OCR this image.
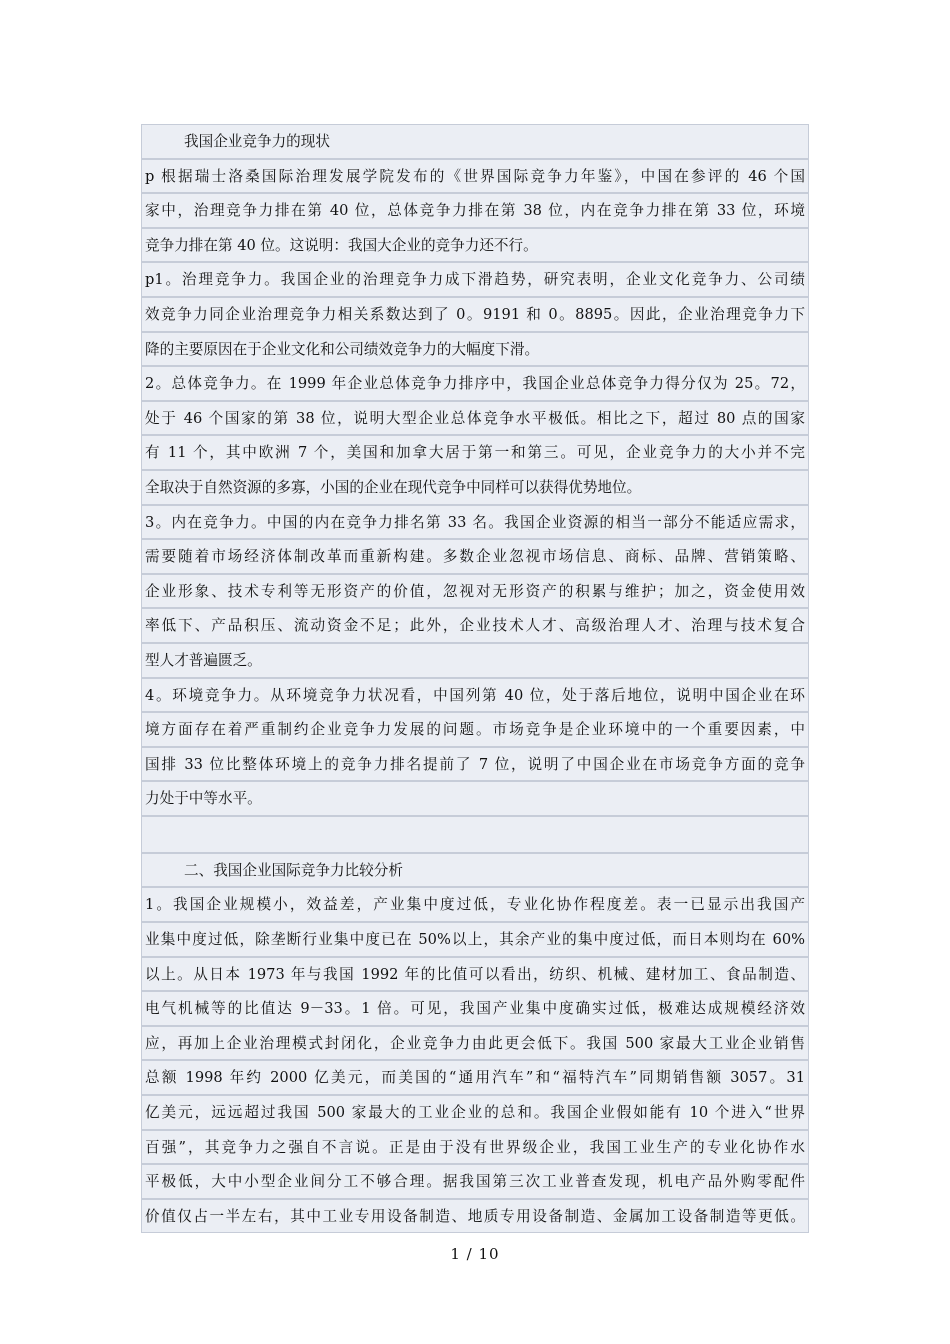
我国企业竞争力的现状
p 根据瑞士洛桑国际治理发展学院发布的《世界国际竞争力年鉴》，中国在参评的 46 个国
家中，治理竞争力排在第 40 位，总体竞争力排在第 38 位，内在竞争力排在第 33 位，环境
竞争力排在第 40 位。这说明：我国大企业的竞争力还不行。
p1。治理竞争力。我国企业的治理竞争力成下滑趋势，研究表明，企业文化竞争力、公司绩
效竞争力同企业治理竞争力相关系数达到了 0。9191 和 0。8895。因此，企业治理竞争力下
降的主要原因在于企业文化和公司绩效竞争力的大幅度下滑。
2。总体竞争力。在 1999 年企业总体竞争力排序中，我国企业总体竞争力得分仅为 25。72，
处于 46 个国家的第 38 位，说明大型企业总体竞争水平极低。相比之下，超过 80 点的国家
有 11 个，其中欧洲 7 个，美国和加拿大居于第一和第三。可见，企业竞争力的大小并不完
全取决于自然资源的多寡，小国的企业在现代竞争中同样可以获得优势地位。
3。内在竞争力。中国的内在竞争力排名第 33 名。我国企业资源的相当一部分不能适应需求，
需要随着市场经济体制改革而重新构建。多数企业忽视市场信息、商标、品牌、营销策略、
企业形象、技术专利等无形资产的价值，忽视对无形资产的积累与维护；加之，资金使用效
率低下、产品积压、流动资金不足；此外，企业技术人才、高级治理人才、治理与技术复合
型人才普遍匮乏。
4。环境竞争力。从环境竞争力状况看，中国列第 40 位，处于落后地位，说明中国企业在环
境方面存在着严重制约企业竞争力发展的问题。市场竞争是企业环境中的一个重要因素，中
国排 33 位比整体环境上的竞争力排名提前了 7 位，说明了中国企业在市场竞争方面的竞争
力处于中等水平。
二、我国企业国际竞争力比较分析
1。我国企业规模小，效益差，产业集中度过低，专业化协作程度差。表一已显示出我国产
业集中度过低，除垄断行业集中度已在 50%以上，其余产业的集中度过低，而日本则均在 60%
以上。从日本 1973 年与我国 1992 年的比值可以看出，纺织、机械、建材加工、食品制造、
电气机械等的比值达 9－33。1 倍。可见，我国产业集中度确实过低，极难达成规模经济效
应，再加上企业治理模式封闭化，企业竞争力由此更会低下。我国 500 家最大工业企业销售
总额 1998 年约 2000 亿美元，而美国的“通用汽车”和“福特汽车”同期销售额 3057。31
亿美元，远远超过我国 500 家最大的工业企业的总和。我国企业假如能有 10 个进入“世界
百强”，其竞争力之强自不言说。正是由于没有世界级企业，我国工业生产的专业化协作水
平极低，大中小型企业间分工不够合理。据我国第三次工业普查发现，机电产品外购零配件
价值仅占一半左右，其中工业专用设备制造、地质专用设备制造、金属加工设备制造等更低。
1 / 10
